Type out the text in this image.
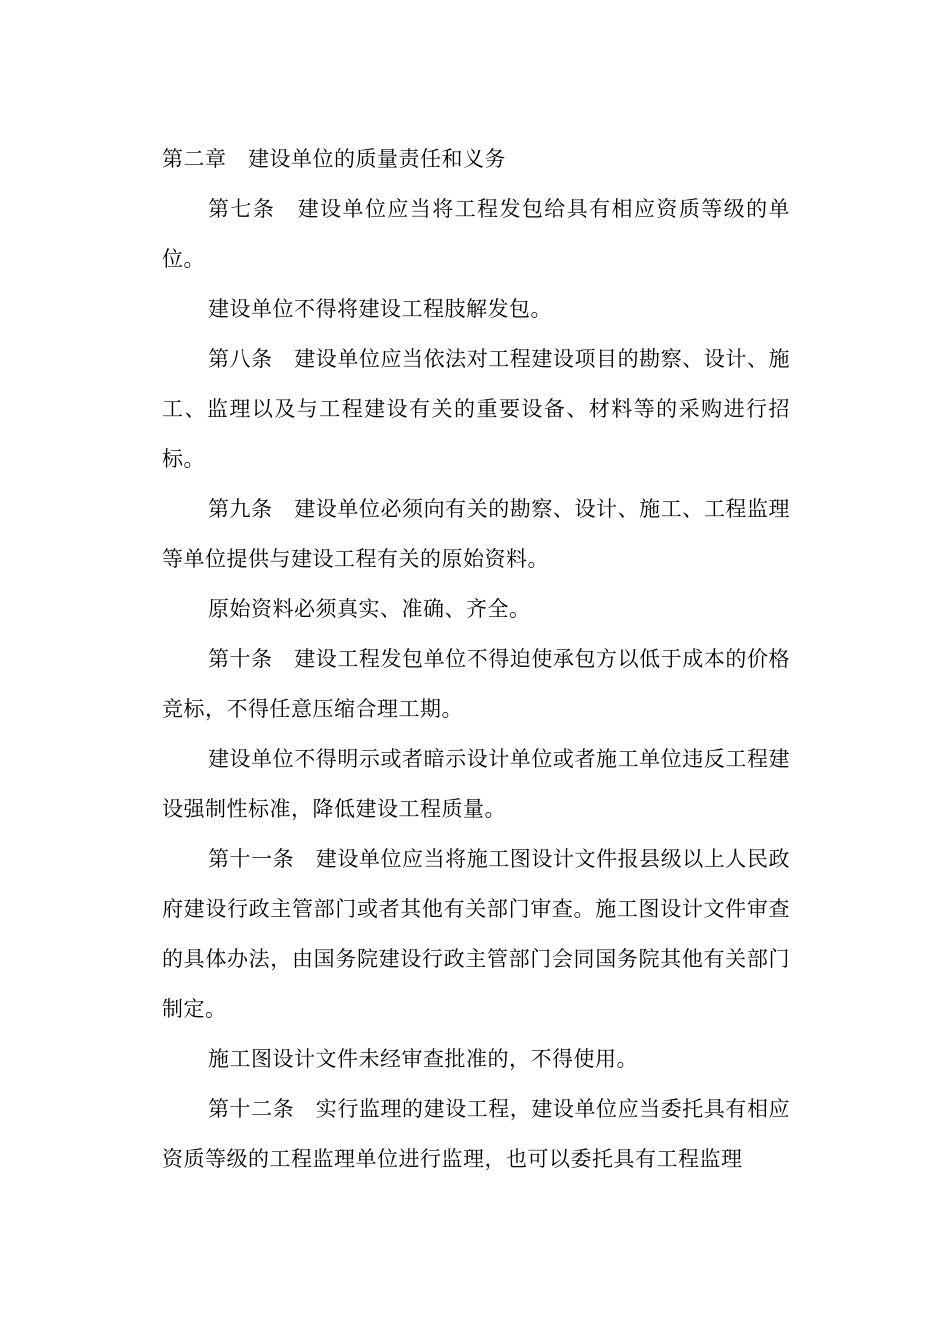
第二章　建设单位的质量责任和义务

第七条　建设单位应当将工程发包给具有相应资质等级的单位。

建设单位不得将建设工程肢解发包。

第八条　建设单位应当依法对工程建设项目的勘察、设计、施工、监理以及与工程建设有关的重要设备、材料等的采购进行招标。

第九条　建设单位必须向有关的勘察、设计、施工、工程监理等单位提供与建设工程有关的原始资料。

原始资料必须真实、准确、齐全。

第十条　建设工程发包单位不得迫使承包方以低于成本的价格竞标，不得任意压缩合理工期。

建设单位不得明示或者暗示设计单位或者施工单位违反工程建设强制性标准，降低建设工程质量。

第十一条　建设单位应当将施工图设计文件报县级以上人民政府建设行政主管部门或者其他有关部门审查。施工图设计文件审查的具体办法，由国务院建设行政主管部门会同国务院其他有关部门制定。

施工图设计文件未经审查批准的，不得使用。

第十二条　实行监理的建设工程，建设单位应当委托具有相应资质等级的工程监理单位进行监理，也可以委托具有工程监理
